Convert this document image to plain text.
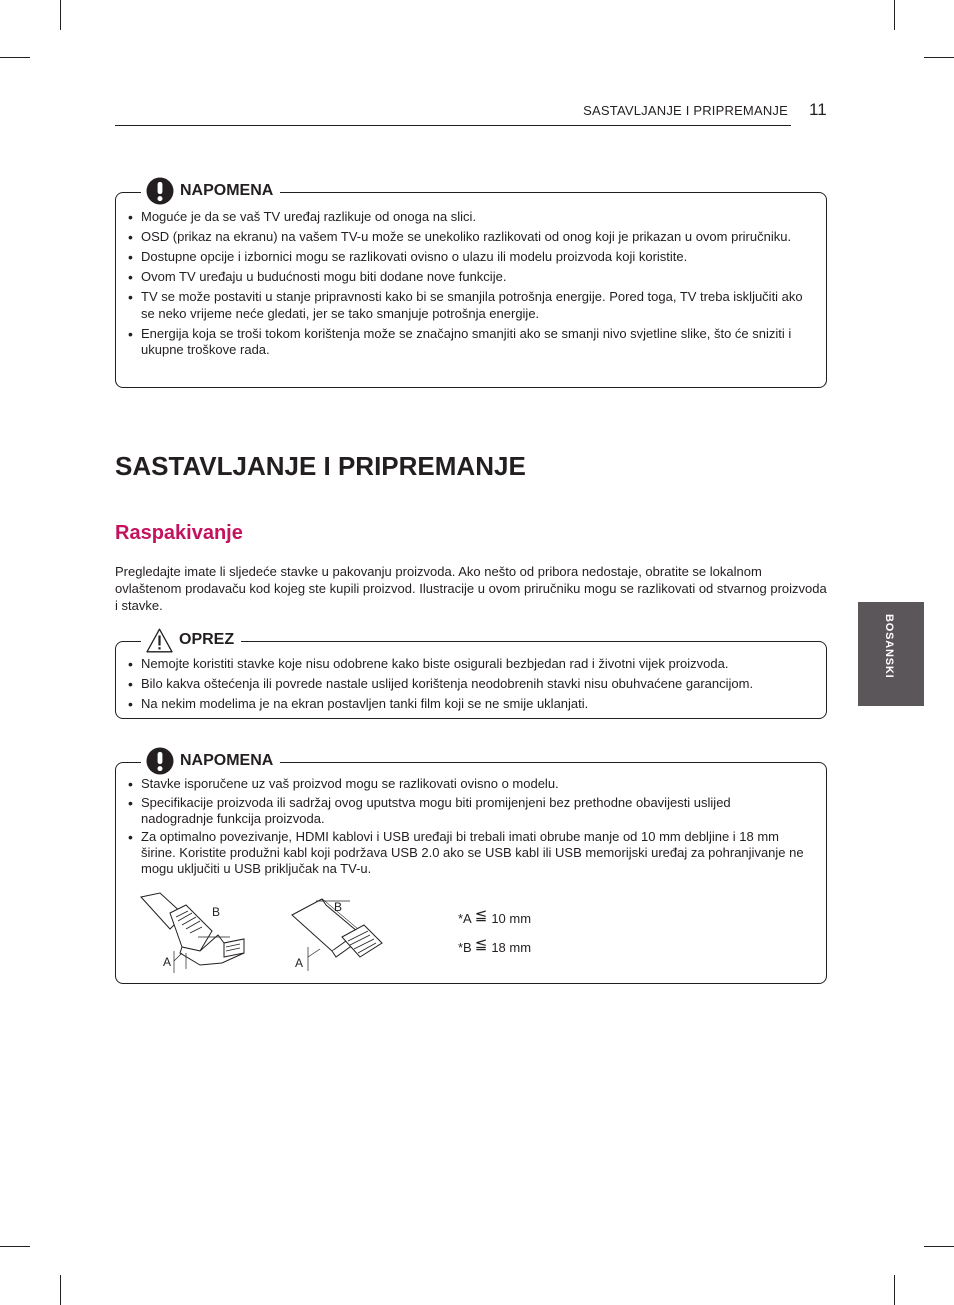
SASTAVLJANJE I PRIPREMANJE 11
BOSANSKI
NAPOMENA
• Moguće je da se vaš TV uređaj razlikuje od onoga na slici.
• OSD (prikaz na ekranu) na vašem TV-u može se unekoliko razlikovati od onog koji je prikazan u ovom priručniku.
• Dostupne opcije i izbornici mogu se razlikovati ovisno o ulazu ili modelu proizvoda koji koristite.
• Ovom TV uređaju u budućnosti mogu biti dodane nove funkcije.
• TV se može postaviti u stanje pripravnosti kako bi se smanjila potrošnja energije. Pored toga, TV treba isključiti ako se neko vrijeme neće gledati, jer se tako smanjuje potrošnja energije.
• Energija koja se troši tokom korištenja može se značajno smanjiti ako se smanji nivo svjetline slike, što će sniziti i ukupne troškove rada.
SASTAVLJANJE I PRIPREMANJE
Raspakivanje

Pregledajte imate li sljedeće stavke u pakovanju proizvoda. Ako nešto od pribora nedostaje, obratite se lokalnom ovlaštenom prodavaču kod kojeg ste kupili proizvod. Ilustracije u ovom priručniku mogu se razlikovati od stvarnog proizvoda i stavke.

OPREZ
• Nemojte koristiti stavke koje nisu odobrene kako biste osigurali bezbjedan rad i životni vijek proizvoda.
• Bilo kakva oštećenja ili povrede nastale uslijed korištenja neodobrenih stavki nisu obuhvaćene garancijom.
• Na nekim modelima je na ekran postavljen tanki film koji se ne smije uklanjati.
NAPOMENA
• Stavke isporučene uz vaš proizvod mogu se razlikovati ovisno o modelu.
• Specifikacije proizvoda ili sadržaj ovog uputstva mogu biti promijenjeni bez prethodne obavijesti uslijed nadogradnje funkcija proizvoda.
• Za optimalno povezivanje, HDMI kablovi i USB uređaji bi trebali imati obrube manje od 10 mm debljine i 18 mm širine. Koristite produžni kabl koji podržava USB 2.0 ako se USB kabl ili USB memorijski uređaj za pohranjivanje ne mogu uključiti u USB priključak na TV-u.
B
A
B
A
*A ≦ 10 mm
*B ≦ 18 mm
